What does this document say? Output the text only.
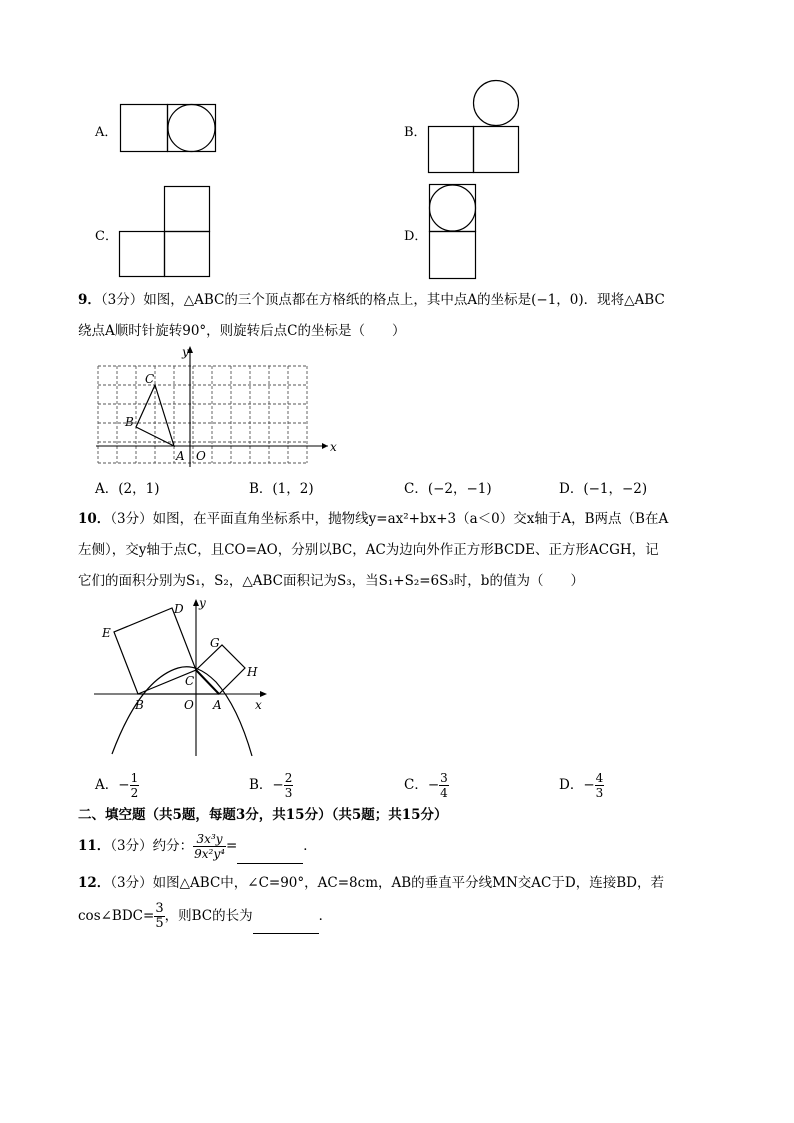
A．	B．
C．	D．
9．（3分）如图，△ABC的三个顶点都在方格纸的格点上，其中点A的坐标是(−1，0)．现将△ABC
绕点A顺时针旋转90°，则旋转后点C的坐标是（　　）
x
y
C
B
A O
A．(2，1)	B．(1，2)	C．(−2，−1)	D．(−1，−2)
10．（3分）如图，在平面直角坐标系中，抛物线y=ax²+bx+3（a＜0）交x轴于A，B两点（B在A
左侧），交y轴于点C，且CO=AO，分别以BC，AC为边向外作正方形BCDE、正方形ACGH，记
它们的面积分别为S₁，S₂，△ABC面积记为S₃，当S₁+S₂=6S₃时，b的值为（　　）
D y
E
G
H
C
B	O A	x
A．− $\frac{1}{2}$	B．− $\frac{2}{3}$	C．− $\frac{3}{4}$	D．− $\frac{4}{3}$
二、填空题（共5题，每题3分，共15分）（共5题；共15分）
11．（3分）约分： $\frac{\text{3x³y}}{\text{9x²y⁴}}$ =	．
12．（3分）如图△ABC中，∠C=90°，AC=8cm，AB的垂直平分线MN交AC于D，连接BD，若
cos∠BDC= $\frac{3}{5}$ ，则BC的长为	．
